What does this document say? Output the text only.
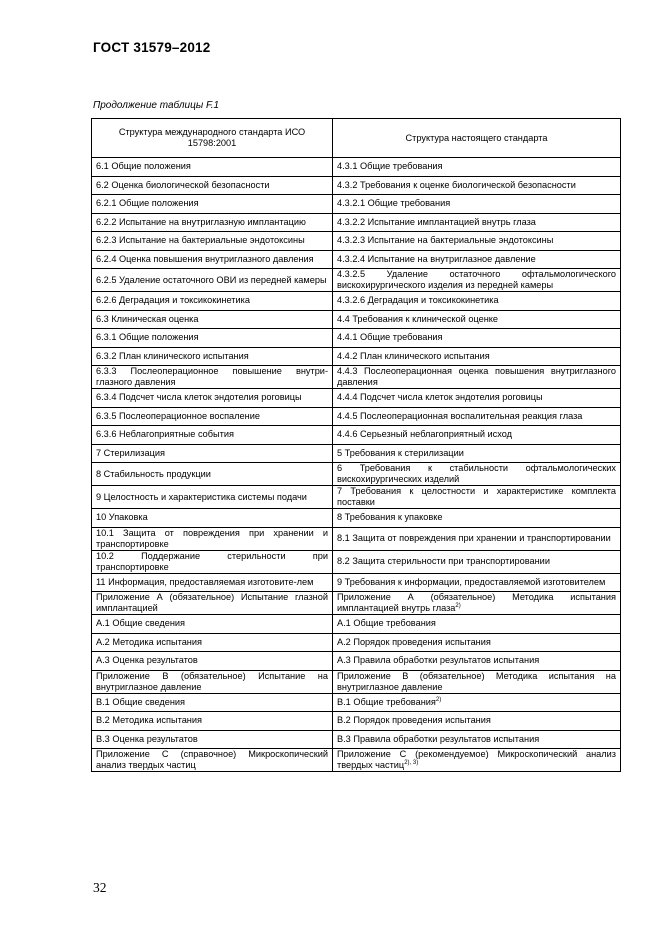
ГОСТ 31579–2012
Продолжение таблицы F.1
Структура международного стандарта ИСО 15798:2001	Структура настоящего стандарта
6.1 Общие положения	4.3.1 Общие требования
6.2 Оценка биологической безопасности	4.3.2 Требования к оценке биологической безопасности
6.2.1 Общие положения	4.3.2.1 Общие требования
6.2.2 Испытание на внутриглазную имплантацию	4.3.2.2 Испытание имплантацией внутрь глаза
6.2.3 Испытание на бактериальные эндотоксины	4.3.2.3 Испытание на бактериальные эндотоксины
6.2.4 Оценка повышения внутриглазного давления	4.3.2.4 Испытание на внутриглазное давление
6.2.5 Удаление остаточного ОВИ из передней камеры	4.3.2.5 Удаление остаточного офтальмологического вискохирургического изделия из передней камеры
6.2.6 Деградация и токсикокинетика	4.3.2.6 Деградация и токсикокинетика
6.3 Клиническая оценка	4.4 Требования к клинической оценке
6.3.1 Общие положения	4.4.1 Общие требования
6.3.2 План клинического испытания	4.4.2 План клинического испытания
6.3.3 Послеоперационное повышение внутри-глазного давления	4.4.3 Послеоперационная оценка повышения внутриглазного давления
6.3.4 Подсчет числа клеток эндотелия роговицы	4.4.4 Подсчет числа клеток эндотелия роговицы
6.3.5 Послеоперационное воспаление	4.4.5 Послеоперационная воспалительная реакция глаза
6.3.6 Неблагоприятные события	4.4.6 Серьезный неблагоприятный исход
7 Стерилизация	5 Требования к стерилизации
8 Стабильность продукции	6 Требования к стабильности офтальмологических вискохирургических изделий
9 Целостность и характеристика системы подачи	7 Требования к целостности и характеристике комплекта поставки
10 Упаковка	8 Требования к упаковке
10.1 Защита от повреждения при хранении и транспортировке	8.1 Защита от повреждения при хранении и транспортировании
10.2 Поддержание стерильности при транспортировке	8.2 Защита стерильности при транспортировании
11 Информация, предоставляемая изготовите-лем	9 Требования к информации, предоставляемой изготовителем
Приложение А (обязательное) Испытание глазной имплантацией	Приложение А (обязательное) Методика испытания имплантацией внутрь глаза$^{2)}$
А.1 Общие сведения	А.1 Общие требования
А.2 Методика испытания	А.2 Порядок проведения испытания
А.3 Оценка результатов	А.3 Правила обработки результатов испытания
Приложение В (обязательное) Испытание на внутриглазное давление	Приложение В (обязательное) Методика испытания на внутриглазное давление
В.1 Общие сведения	В.1 Общие требования$^{2)}$
В.2 Методика испытания	В.2 Порядок проведения испытания
В.3 Оценка результатов	В.3 Правила обработки результатов испытания
Приложение С (справочное) Микроскопический анализ твердых частиц	Приложение С (рекомендуемое) Микроскопический анализ твердых частиц$^{2), 3)}$
32
